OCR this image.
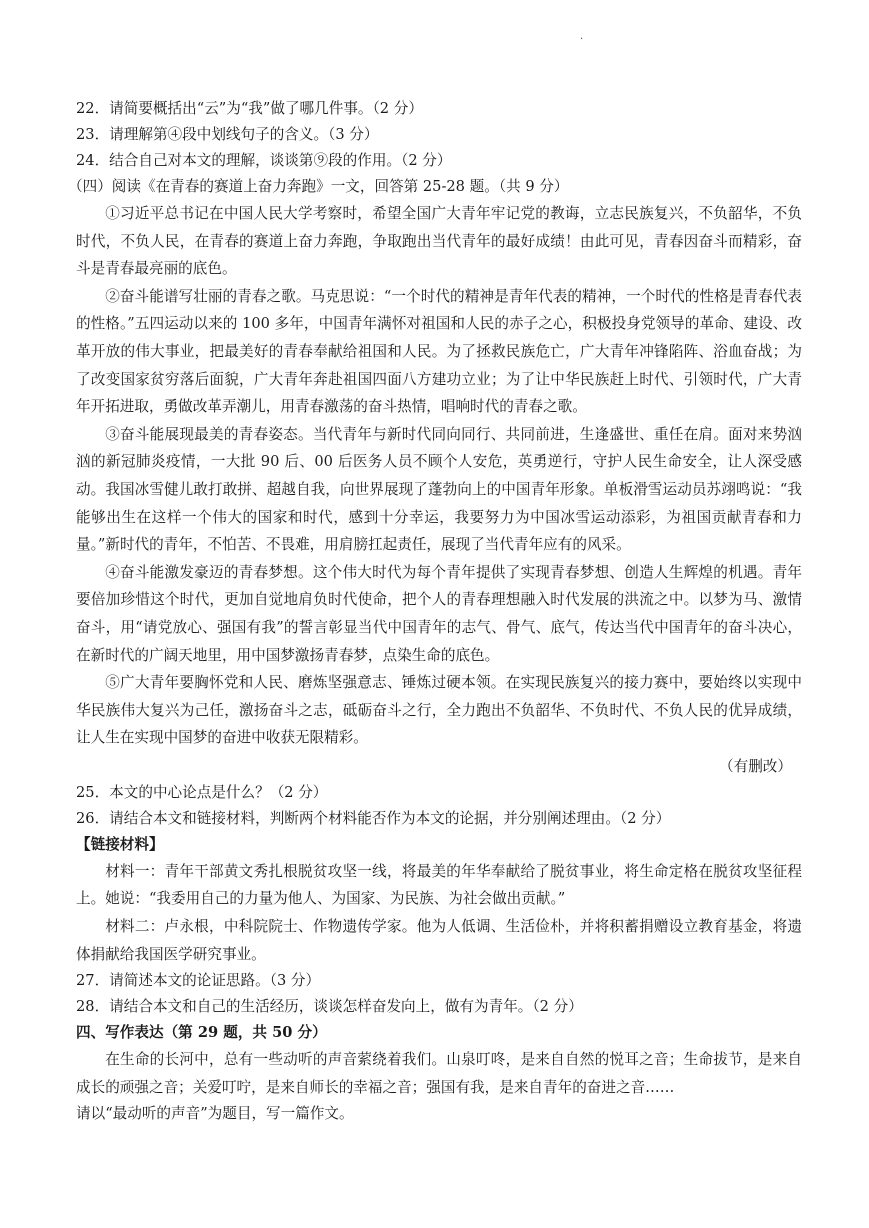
·

22．请简要概括出“云”为“我”做了哪几件事。（2 分）

23．请理解第④段中划线句子的含义。（3 分）

24．结合自己对本文的理解，谈谈第⑨段的作用。（2 分）

（四）阅读《在青春的赛道上奋力奔跑》一文，回答第 25-28 题。（共 9 分）

①习近平总书记在中国人民大学考察时，希望全国广大青年牢记党的教诲，立志民族复兴，不负韶华，不负时代，不负人民，在青春的赛道上奋力奔跑，争取跑出当代青年的最好成绩！由此可见，青春因奋斗而精彩，奋斗是青春最亮丽的底色。

②奋斗能谱写壮丽的青春之歌。马克思说：“一个时代的精神是青年代表的精神，一个时代的性格是青春代表的性格。”五四运动以来的 100 多年，中国青年满怀对祖国和人民的赤子之心，积极投身党领导的革命、建设、改革开放的伟大事业，把最美好的青春奉献给祖国和人民。为了拯救民族危亡，广大青年冲锋陷阵、浴血奋战；为了改变国家贫穷落后面貌，广大青年奔赴祖国四面八方建功立业；为了让中华民族赶上时代、引领时代，广大青年开拓进取，勇做改革弄潮儿，用青春激荡的奋斗热情，唱响时代的青春之歌。

③奋斗能展现最美的青春姿态。当代青年与新时代同向同行、共同前进，生逢盛世、重任在肩。面对来势汹汹的新冠肺炎疫情，一大批 90 后、00 后医务人员不顾个人安危，英勇逆行，守护人民生命安全，让人深受感动。我国冰雪健儿敢打敢拼、超越自我，向世界展现了蓬勃向上的中国青年形象。单板滑雪运动员苏翊鸣说：“我能够出生在这样一个伟大的国家和时代，感到十分幸运，我要努力为中国冰雪运动添彩，为祖国贡献青春和力量。”新时代的青年，不怕苦、不畏难，用肩膀扛起责任，展现了当代青年应有的风采。

④奋斗能激发豪迈的青春梦想。这个伟大时代为每个青年提供了实现青春梦想、创造人生辉煌的机遇。青年要倍加珍惜这个时代，更加自觉地肩负时代使命，把个人的青春理想融入时代发展的洪流之中。以梦为马、激情奋斗，用“请党放心、强国有我”的誓言彰显当代中国青年的志气、骨气、底气，传达当代中国青年的奋斗决心，在新时代的广阔天地里，用中国梦激扬青春梦，点染生命的底色。

⑤广大青年要胸怀党和人民、磨炼坚强意志、锤炼过硬本领。在实现民族复兴的接力赛中，要始终以实现中华民族伟大复兴为己任，激扬奋斗之志，砥砺奋斗之行，全力跑出不负韶华、不负时代、不负人民的优异成绩，让人生在实现中国梦的奋进中收获无限精彩。

（有删改）

25．本文的中心论点是什么？（2 分）

26．请结合本文和链接材料，判断两个材料能否作为本文的论据，并分别阐述理由。（2 分）

【链接材料】

材料一：青年干部黄文秀扎根脱贫攻坚一线，将最美的年华奉献给了脱贫事业，将生命定格在脱贫攻坚征程上。她说：“我委用自己的力量为他人、为国家、为民族、为社会做出贡献。”

材料二：卢永根，中科院院士、作物遗传学家。他为人低调、生活俭朴，并将积蓄捐赠设立教育基金，将遗体捐献给我国医学研究事业。

27．请简述本文的论证思路。（3 分）

28．请结合本文和自己的生活经历，谈谈怎样奋发向上，做有为青年。（2 分）

四、写作表达（第 29 题，共 50 分）

在生命的长河中，总有一些动听的声音萦绕着我们。山泉叮咚，是来自自然的悦耳之音；生命拔节，是来自成长的顽强之音；关爱叮咛，是来自师长的幸福之音；强国有我，是来自青年的奋进之音……

请以“最动听的声音”为题目，写一篇作文。
